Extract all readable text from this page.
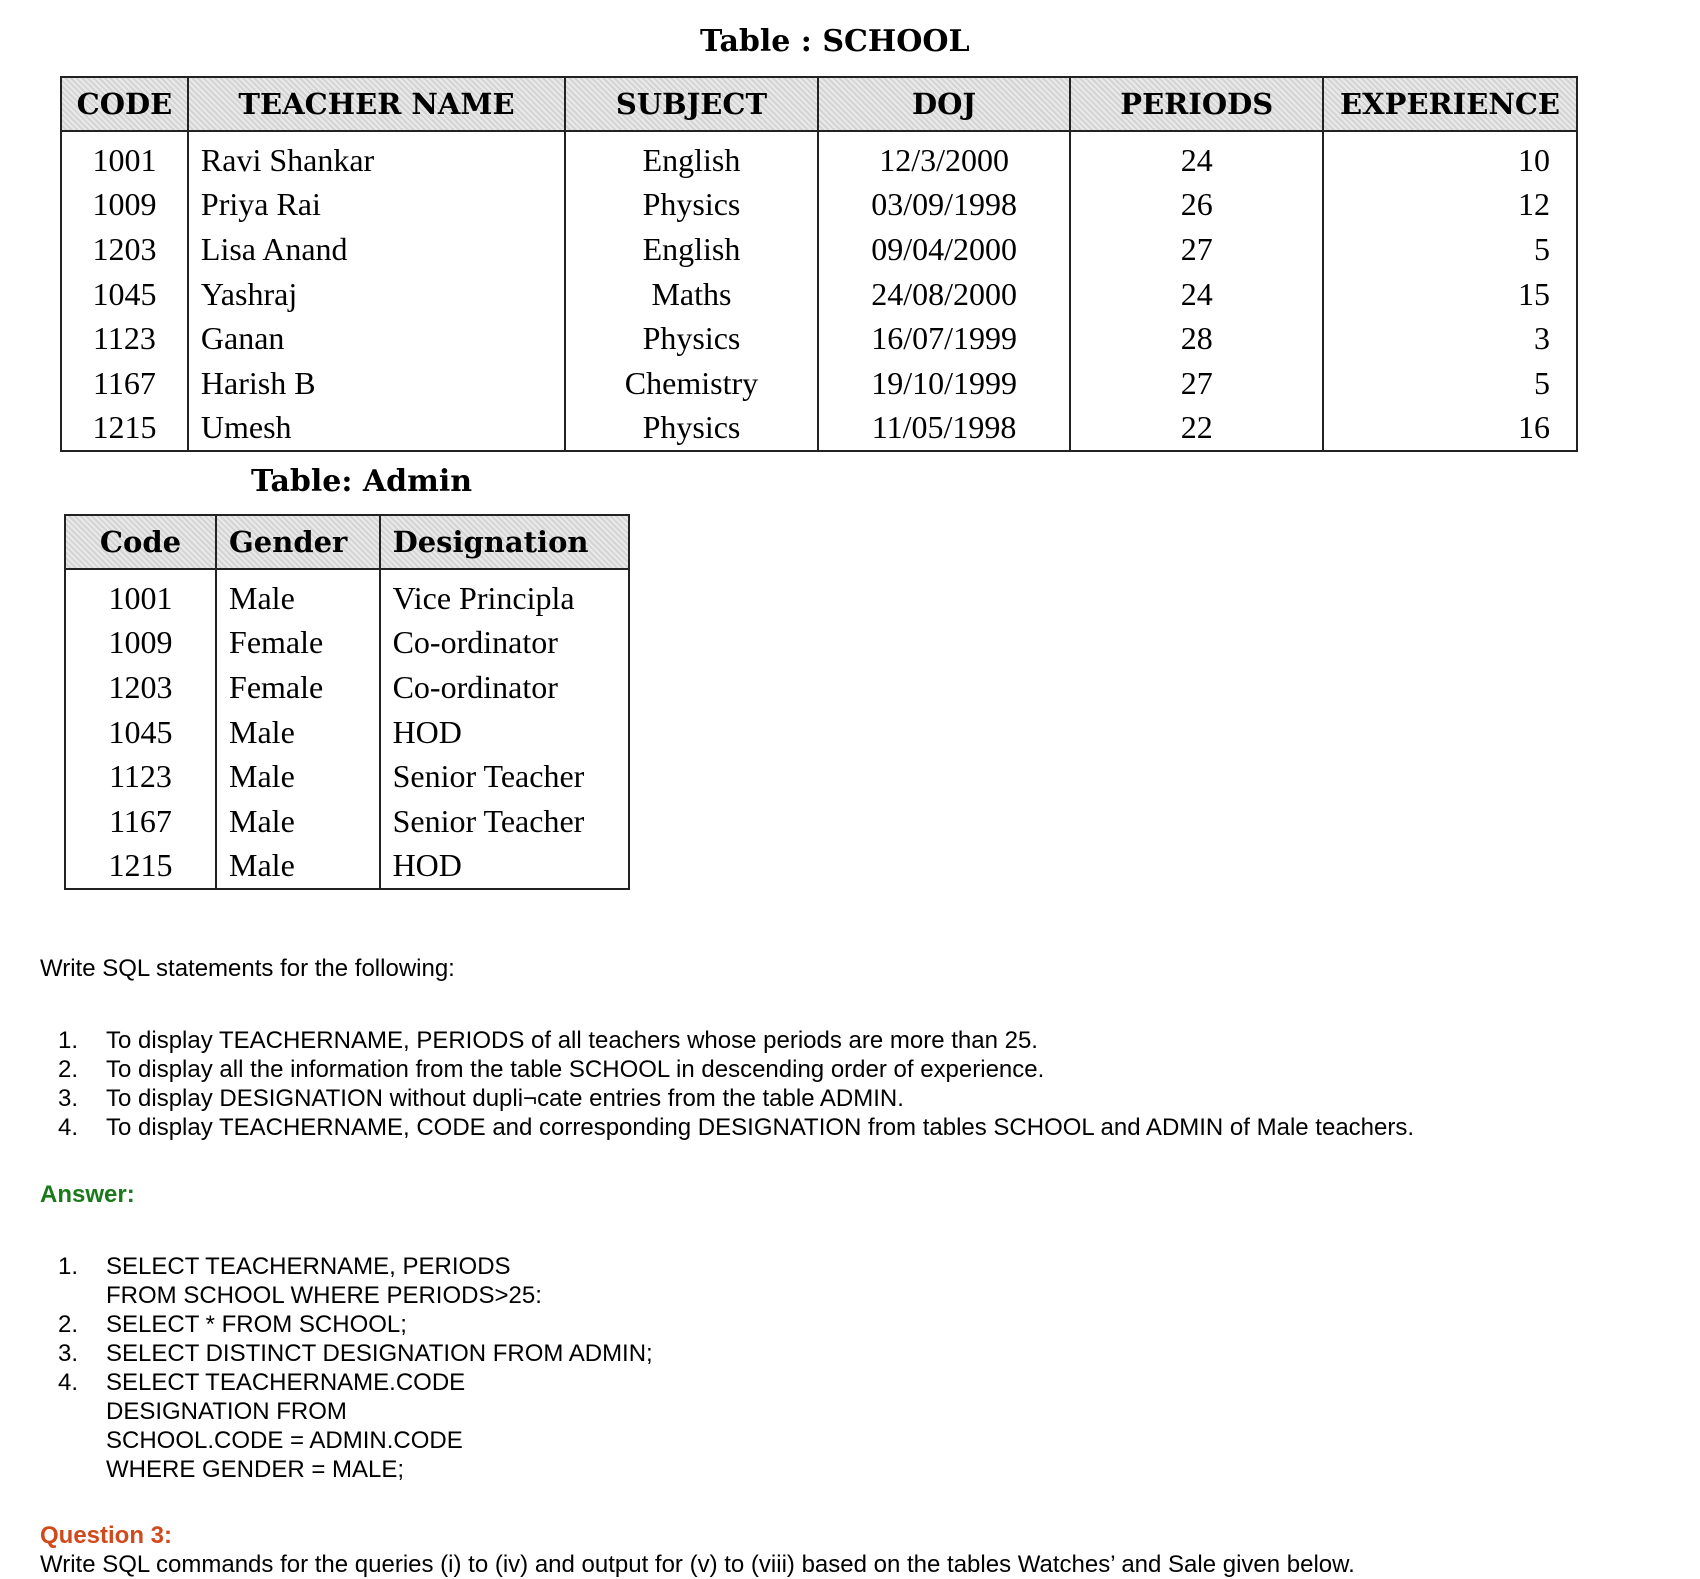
Table : SCHOOL
CODE	TEACHER NAME	SUBJECT	DOJ	PERIODS	EXPERIENCE
1001	Ravi Shankar	English	12/3/2000	24	10
1009	Priya Rai	Physics	03/09/1998	26	12
1203	Lisa Anand	English	09/04/2000	27	5
1045	Yashraj	Maths	24/08/2000	24	15
1123	Ganan	Physics	16/07/1999	28	3
1167	Harish B	Chemistry	19/10/1999	27	5
1215	Umesh	Physics	11/05/1998	22	16
Table: Admin
Code	Gender	Designation
1001	Male	Vice Principla
1009	Female	Co-ordinator
1203	Female	Co-ordinator
1045	Male	HOD
1123	Male	Senior Teacher
1167	Male	Senior Teacher
1215	Male	HOD
Write SQL statements for the following:
1. To display TEACHERNAME, PERIODS of all teachers whose periods are more than 25.
2. To display all the information from the table SCHOOL in descending order of experience.
3. To display DESIGNATION without dupli¬cate entries from the table ADMIN.
4. To display TEACHERNAME, CODE and corresponding DESIGNATION from tables SCHOOL and ADMIN of Male teachers.
Answer:
1. SELECT TEACHERNAME, PERIODS
FROM SCHOOL WHERE PERIODS>25:
2. SELECT * FROM SCHOOL;
3. SELECT DISTINCT DESIGNATION FROM ADMIN;
4. SELECT TEACHERNAME.CODE
DESIGNATION FROM
SCHOOL.CODE = ADMIN.CODE
WHERE GENDER = MALE;
Question 3:
Write SQL commands for the queries (i) to (iv) and output for (v) to (viii) based on the tables Watches’ and Sale given below.
